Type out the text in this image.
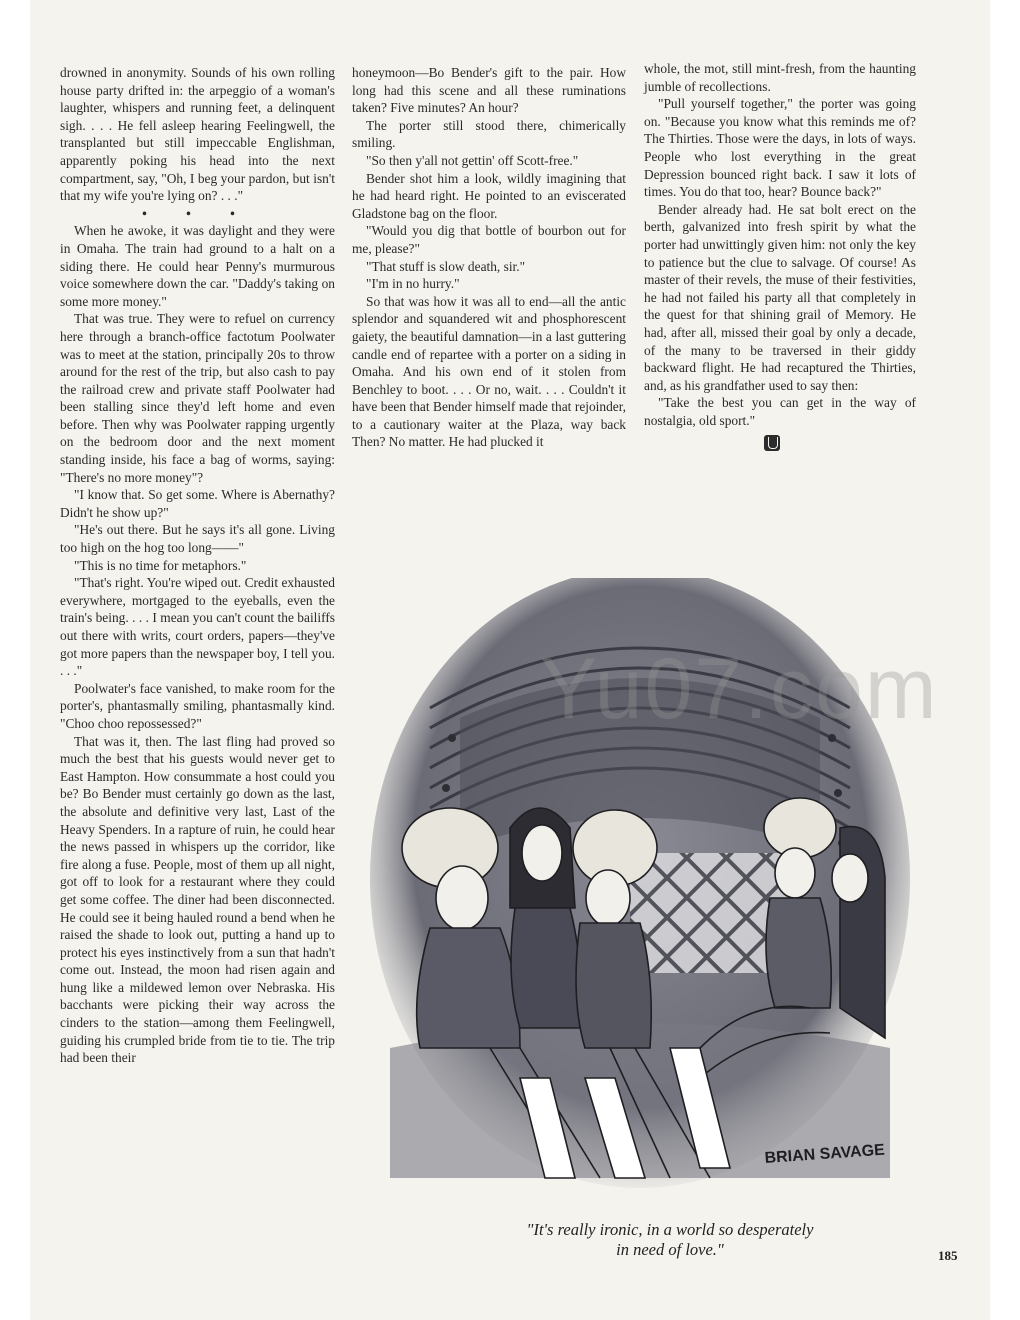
drowned in anonymity. Sounds of his own rolling house party drifted in: the arpeggio of a woman's laughter, whispers and running feet, a delinquent sigh. . . . He fell asleep hearing Feelingwell, the transplanted but still impeccable Englishman, apparently poking his head into the next compartment, say, "Oh, I beg your pardon, but isn't that my wife you're lying on? . . ."

• • •

When he awoke, it was daylight and they were in Omaha. The train had ground to a halt on a siding there. He could hear Penny's murmurous voice somewhere down the car. "Daddy's taking on some more money."

That was true. They were to refuel on currency here through a branch-office factotum Poolwater was to meet at the station, principally 20s to throw around for the rest of the trip, but also cash to pay the railroad crew and private staff Poolwater had been stalling since they'd left home and even before. Then why was Poolwater rapping urgently on the bedroom door and the next moment standing inside, his face a bag of worms, saying: "There's no more money"?

"I know that. So get some. Where is Abernathy? Didn't he show up?"

"He's out there. But he says it's all gone. Living too high on the hog too long——"

"This is no time for metaphors."

"That's right. You're wiped out. Credit exhausted everywhere, mortgaged to the eyeballs, even the train's being. . . . I mean you can't count the bailiffs out there with writs, court orders, papers—they've got more papers than the newspaper boy, I tell you. . . ."

Poolwater's face vanished, to make room for the porter's, phantasmally smiling, phantasmally kind. "Choo choo repossessed?"

That was it, then. The last fling had proved so much the best that his guests would never get to East Hampton. How consummate a host could you be? Bo Bender must certainly go down as the last, the absolute and definitive very last, Last of the Heavy Spenders. In a rapture of ruin, he could hear the news passed in whispers up the corridor, like fire along a fuse. People, most of them up all night, got off to look for a restaurant where they could get some coffee. The diner had been disconnected. He could see it being hauled round a bend when he raised the shade to look out, putting a hand up to protect his eyes instinctively from a sun that hadn't come out. Instead, the moon had risen again and hung like a mildewed lemon over Nebraska. His bacchants were picking their way across the cinders to the station—among them Feelingwell, guiding his crumpled bride from tie to tie. The trip had been their

honeymoon—Bo Bender's gift to the pair. How long had this scene and all these ruminations taken? Five minutes? An hour?

The porter still stood there, chimerically smiling.

"So then y'all not gettin' off Scott-free."

Bender shot him a look, wildly imagining that he had heard right. He pointed to an eviscerated Gladstone bag on the floor.

"Would you dig that bottle of bourbon out for me, please?"

"That stuff is slow death, sir."

"I'm in no hurry."

So that was how it was all to end—all the antic splendor and squandered wit and phosphorescent gaiety, the beautiful damnation—in a last guttering candle end of repartee with a porter on a siding in Omaha. And his own end of it stolen from Benchley to boot. . . . Or no, wait. . . . Couldn't it have been that Bender himself made that rejoinder, to a cautionary waiter at the Plaza, way back Then? No matter. He had plucked it

whole, the mot, still mint-fresh, from the haunting jumble of recollections.

"Pull yourself together," the porter was going on. "Because you know what this reminds me of? The Thirties. Those were the days, in lots of ways. People who lost everything in the great Depression bounced right back. I saw it lots of times. You do that too, hear? Bounce back?"

Bender already had. He sat bolt erect on the berth, galvanized into fresh spirit by what the porter had unwittingly given him: not only the key to patience but the clue to salvage. Of course! As master of their revels, the muse of their festivities, he had not failed his party all that completely in the quest for that shining grail of Memory. He had, after all, missed their goal by only a decade, of the many to be traversed in their giddy backward flight. He had recaptured the Thirties, and, as his grandfather used to say then:

"Take the best you can get in the way of nostalgia, old sport."

BRIAN SAVAGE
"It's really ironic, in a world so desperately
in need of love."	185
Yu07.com
